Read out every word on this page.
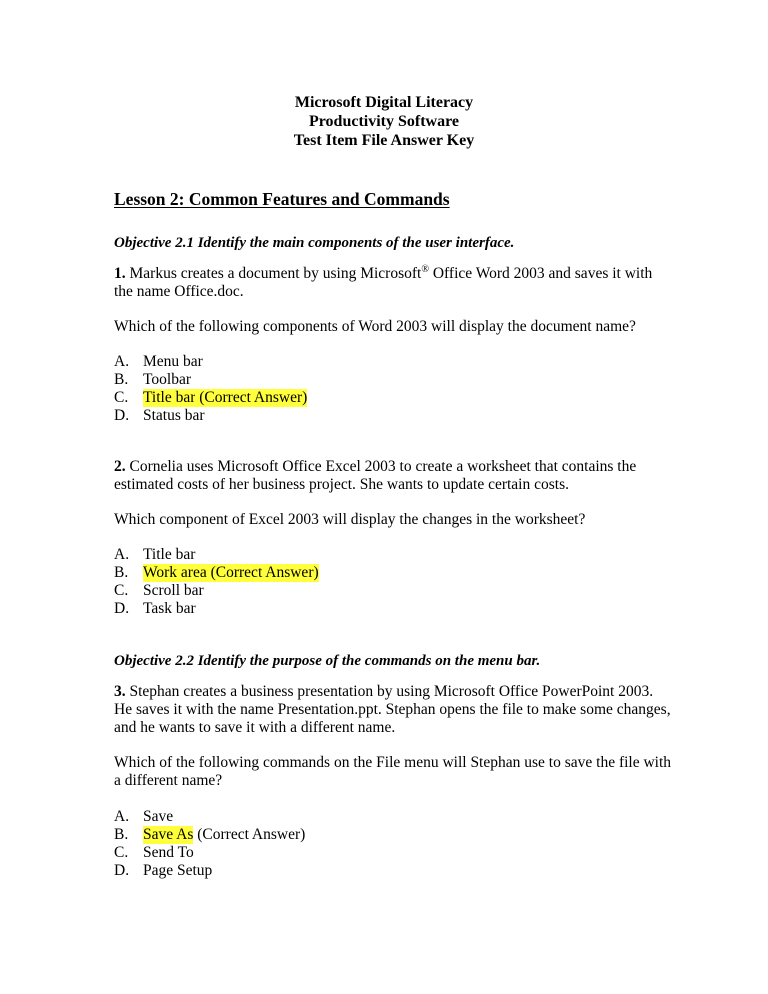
Microsoft Digital Literacy
Productivity Software
Test Item File Answer Key
Lesson 2: Common Features and Commands
Objective 2.1 Identify the main components of the user interface.
1. Markus creates a document by using Microsoft® Office Word 2003 and saves it with the name Office.doc.
Which of the following components of Word 2003 will display the document name?
A. Menu bar
B. Toolbar
C. Title bar (Correct Answer)
D. Status bar
2. Cornelia uses Microsoft Office Excel 2003 to create a worksheet that contains the estimated costs of her business project. She wants to update certain costs.
Which component of Excel 2003 will display the changes in the worksheet?
A. Title bar
B. Work area (Correct Answer)
C. Scroll bar
D. Task bar
Objective 2.2 Identify the purpose of the commands on the menu bar.
3. Stephan creates a business presentation by using Microsoft Office PowerPoint 2003. He saves it with the name Presentation.ppt. Stephan opens the file to make some changes, and he wants to save it with a different name.
Which of the following commands on the File menu will Stephan use to save the file with a different name?
A. Save
B. Save As (Correct Answer)
C. Send To
D. Page Setup
